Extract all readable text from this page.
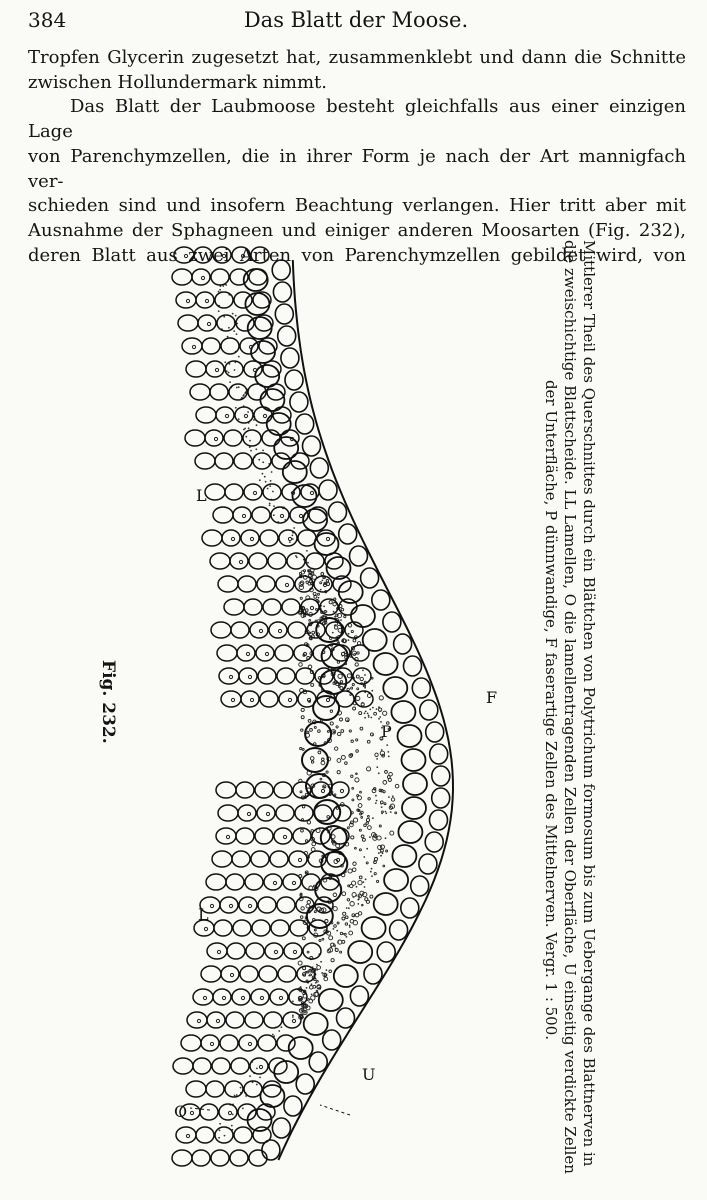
384	Das Blatt der Moose.

Tropfen Glycerin zugesetzt hat, zusammenklebt und dann die Schnitte

zwischen Hollundermark nimmt.

Das Blatt der Laubmoose besteht gleichfalls aus einer einzigen Lage

von Parenchymzellen, die in ihrer Form je nach der Art mannigfach ver-

schieden sind und insofern Beachtung verlangen. Hier tritt aber mit

Ausnahme der Sphagneen und einiger anderen Moosarten (Fig. 232),

deren Blatt aus zwei Arten von Parenchymzellen gebildet wird, von

Fig. 232.
L
L
F
P
U
O	Mittlerer Theil des Querschnittes durch ein Blättchen von Polytrichum formosum bis zum Uebergange des Blattnerven in

die zweischichtige Blattscheide. LL Lamellen, O die lamellentragenden Zellen der Oberfläche, U einseitig verdickte Zellen

der Unterfläche, P dünnwandige, F faserartige Zellen des Mittelnerven. Vergr. 1 : 500.
